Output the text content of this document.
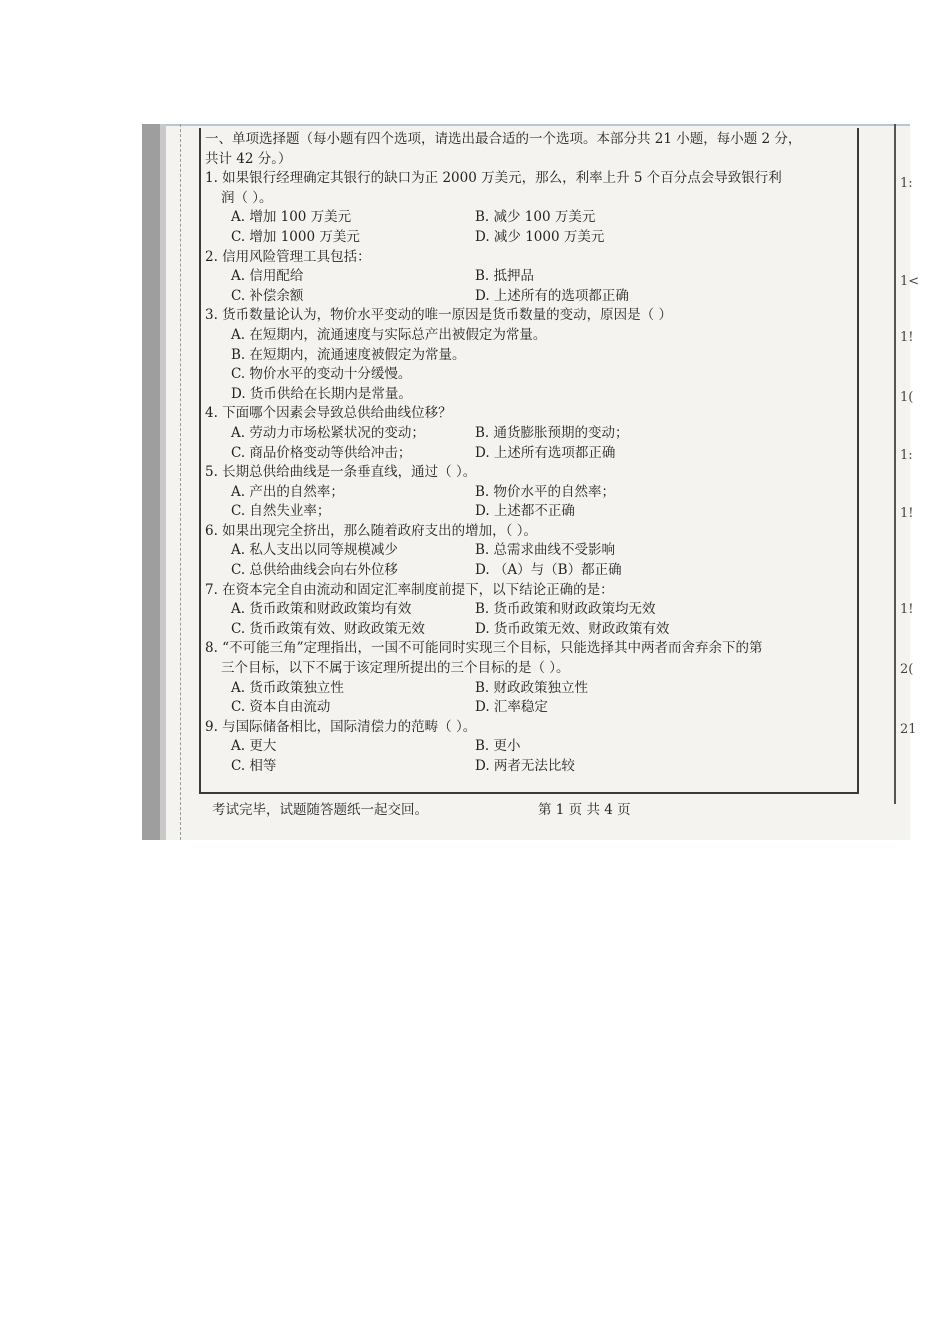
1:
1<
1!
1(
1:
1!
1!
2(
21
一、单项选择题（每小题有四个选项，请选出最合适的一个选项。本部分共 21 小题，每小题 2 分，
共计 42 分。）
1. 如果银行经理确定其银行的缺口为正 2000 万美元，那么，利率上升 5 个百分点会导致银行利
润（ ）。
A. 增加 100 万美元	B. 减少 100 万美元
C. 增加 1000 万美元	D. 减少 1000 万美元
2. 信用风险管理工具包括：
A. 信用配给	B. 抵押品
C. 补偿余额	D. 上述所有的选项都正确
3. 货币数量论认为，物价水平变动的唯一原因是货币数量的变动，原因是（ ）
A. 在短期内，流通速度与实际总产出被假定为常量。
B. 在短期内，流通速度被假定为常量。
C. 物价水平的变动十分缓慢。
D. 货币供给在长期内是常量。
4. 下面哪个因素会导致总供给曲线位移？
A. 劳动力市场松紧状况的变动；	B. 通货膨胀预期的变动；
C. 商品价格变动等供给冲击；	D. 上述所有选项都正确
5. 长期总供给曲线是一条垂直线，通过（ ）。
A. 产出的自然率；	B. 物价水平的自然率；
C. 自然失业率；	D. 上述都不正确
6. 如果出现完全挤出，那么随着政府支出的增加，（ ）。
A. 私人支出以同等规模减少	B. 总需求曲线不受影响
C. 总供给曲线会向右外位移	D. （A）与（B）都正确
7. 在资本完全自由流动和固定汇率制度前提下，以下结论正确的是：
A. 货币政策和财政政策均有效	B. 货币政策和财政政策均无效
C. 货币政策有效、财政政策无效	D. 货币政策无效、财政政策有效
8. “不可能三角”定理指出，一国不可能同时实现三个目标，只能选择其中两者而舍弃余下的第
三个目标，以下不属于该定理所提出的三个目标的是（ ）。
A. 货币政策独立性	B. 财政政策独立性
C. 资本自由流动	D. 汇率稳定
9. 与国际储备相比，国际清偿力的范畴（ ）。
A. 更大	B. 更小
C. 相等	D. 两者无法比较
考试完毕，试题随答题纸一起交回。	第 1 页 共 4 页
